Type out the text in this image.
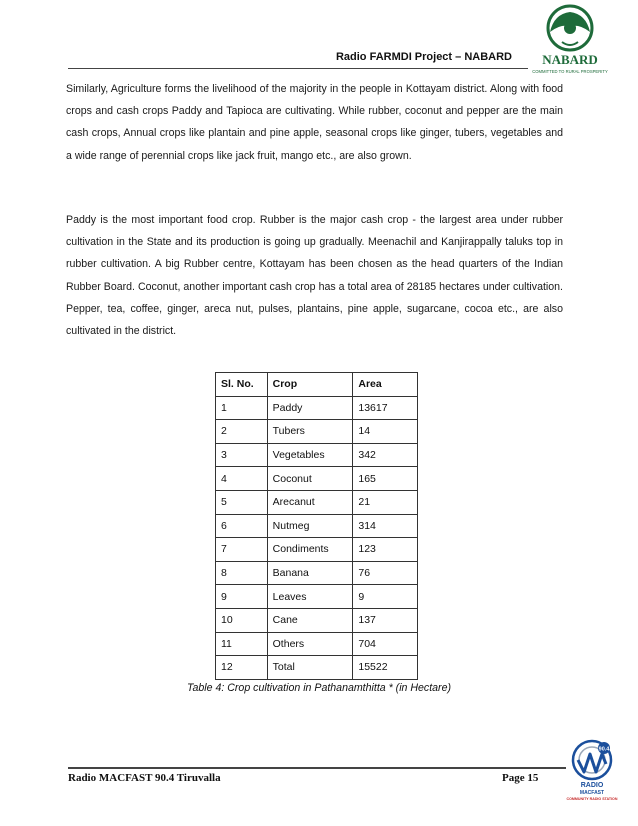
Radio FARMDI Project – NABARD NABARD
COMMITTED TO RURAL PROSPERITY

Similarly, Agriculture forms the livelihood of the majority in the people in Kottayam district. Along with food crops and cash crops Paddy and Tapioca are cultivating. While rubber, coconut and pepper are the main cash crops, Annual crops like plantain and pine apple, seasonal crops like ginger, tubers, vegetables and a wide range of perennial crops like jack fruit, mango etc., are also grown.

Paddy is the most important food crop. Rubber is the major cash crop - the largest area under rubber cultivation in the State and its production is going up gradually. Meenachil and Kanjirappally taluks top in rubber cultivation. A big Rubber centre, Kottayam has been chosen as the head quarters of the Indian Rubber Board. Coconut, another important cash crop has a total area of 28185 hectares under cultivation. Pepper, tea, coffee, ginger, areca nut, pulses, plantains, pine apple, sugarcane, cocoa etc., are also cultivated in the district.

Sl. No.	Crop	Area
1	Paddy	13617
2	Tubers	14
3	Vegetables	342
4	Coconut	165
5	Arecanut	21
6	Nutmeg	314
7	Condiments	123
8	Banana	76
9	Leaves	9
10	Cane	137
11	Others	704
12	Total	15522
Table 4: Crop cultivation in Pathanamthitta * (in Hectare)
Radio MACFAST 90.4 Tiruvalla	Page 15
90.4
RADIO
MACFAST
COMMUNITY RADIO STATION
